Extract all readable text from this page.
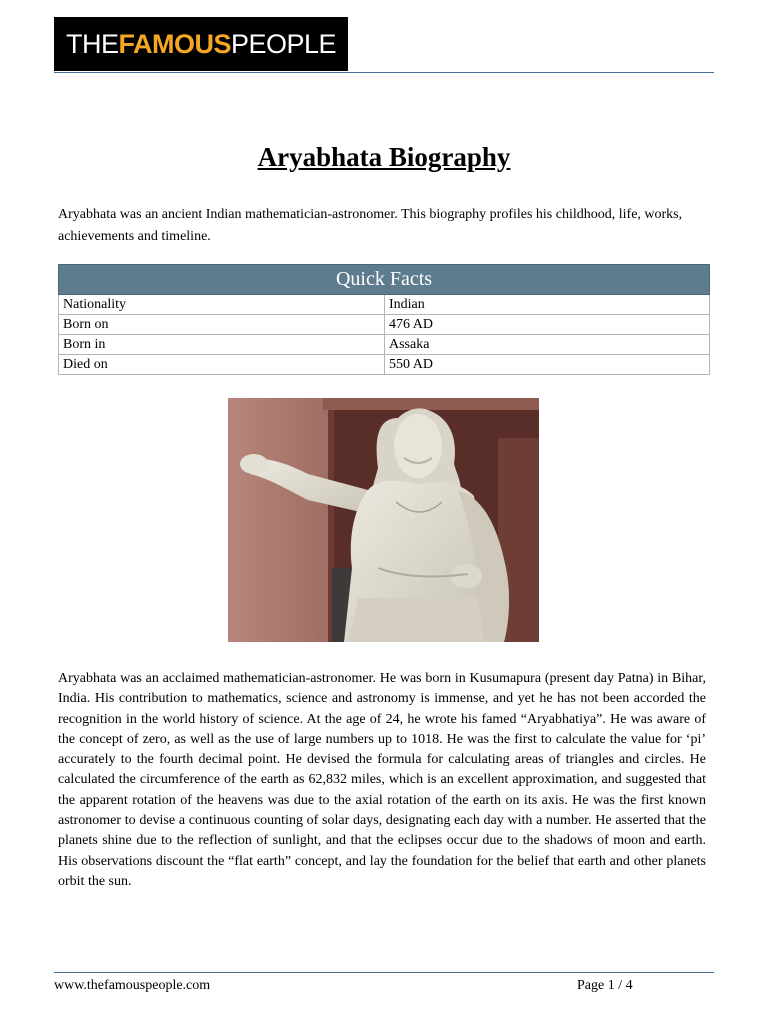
THE FAMOUS PEOPLE
Aryabhata Biography

Aryabhata was an ancient Indian mathematician-astronomer. This biography profiles his childhood, life, works, achievements and timeline.

Quick Facts	
Nationality	Indian
Born on	476 AD
Born in	Assaka
Died on	550 AD

Aryabhata was an acclaimed mathematician-astronomer. He was born in Kusumapura (present day Patna) in Bihar, India. His contribution to mathematics, science and astronomy is immense, and yet he has not been accorded the recognition in the world history of science. At the age of 24, he wrote his famed “Aryabhatiya”. He was aware of the concept of zero, as well as the use of large numbers up to 1018. He was the first to calculate the value for ‘pi’ accurately to the fourth decimal point. He devised the formula for calculating areas of triangles and circles. He calculated the circumference of the earth as 62,832 miles, which is an excellent approximation, and suggested that the apparent rotation of the heavens was due to the axial rotation of the earth on its axis. He was the first known astronomer to devise a continuous counting of solar days, designating each day with a number. He asserted that the planets shine due to the reflection of sunlight, and that the eclipses occur due to the shadows of moon and earth. His observations discount the “flat earth” concept, and lay the foundation for the belief that earth and other planets orbit the sun.

www.thefamouspeople.com	Page 1 / 4
